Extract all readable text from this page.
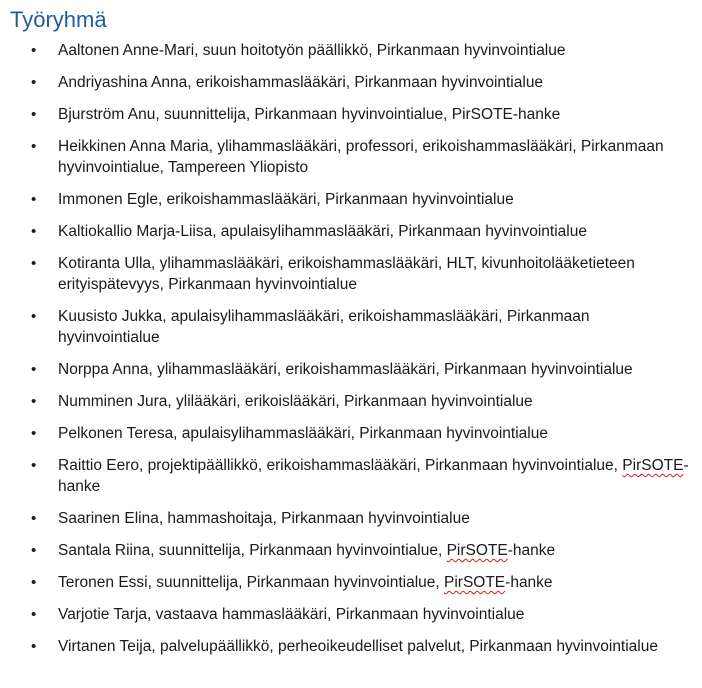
Työryhmä
• Aaltonen Anne-Mari, suun hoitotyön päällikkö, Pirkanmaan hyvinvointialue
• Andriyashina Anna, erikoishammaslääkäri, Pirkanmaan hyvinvointialue
• Bjurström Anu, suunnittelija, Pirkanmaan hyvinvointialue, PirSOTE-hanke
• Heikkinen Anna Maria, ylihammaslääkäri, professori, erikoishammaslääkäri, Pirkanmaan hyvinvointialue, Tampereen Yliopisto
• Immonen Egle, erikoishammaslääkäri, Pirkanmaan hyvinvointialue
• Kaltiokallio Marja-Liisa, apulaisylihammaslääkäri, Pirkanmaan hyvinvointialue
• Kotiranta Ulla, ylihammaslääkäri, erikoishammaslääkäri, HLT, kivunhoitolääketieteen erityispätevyys, Pirkanmaan hyvinvointialue
• Kuusisto Jukka, apulaisylihammaslääkäri, erikoishammaslääkäri, Pirkanmaan hyvinvointialue
• Norppa Anna, ylihammaslääkäri, erikoishammaslääkäri, Pirkanmaan hyvinvointialue
• Numminen Jura, ylilääkäri, erikoislääkäri, Pirkanmaan hyvinvointialue
• Pelkonen Teresa, apulaisylihammaslääkäri, Pirkanmaan hyvinvointialue
• Raittio Eero, projektipäällikkö, erikoishammaslääkäri, Pirkanmaan hyvinvointialue, PirSOTE-hanke
• Saarinen Elina, hammashoitaja, Pirkanmaan hyvinvointialue
• Santala Riina, suunnittelija, Pirkanmaan hyvinvointialue, PirSOTE-hanke
• Teronen Essi, suunnittelija, Pirkanmaan hyvinvointialue, PirSOTE-hanke
• Varjotie Tarja, vastaava hammaslääkäri, Pirkanmaan hyvinvointialue
• Virtanen Teija, palvelupäällikkö, perheoikeudelliset palvelut, Pirkanmaan hyvinvointialue
